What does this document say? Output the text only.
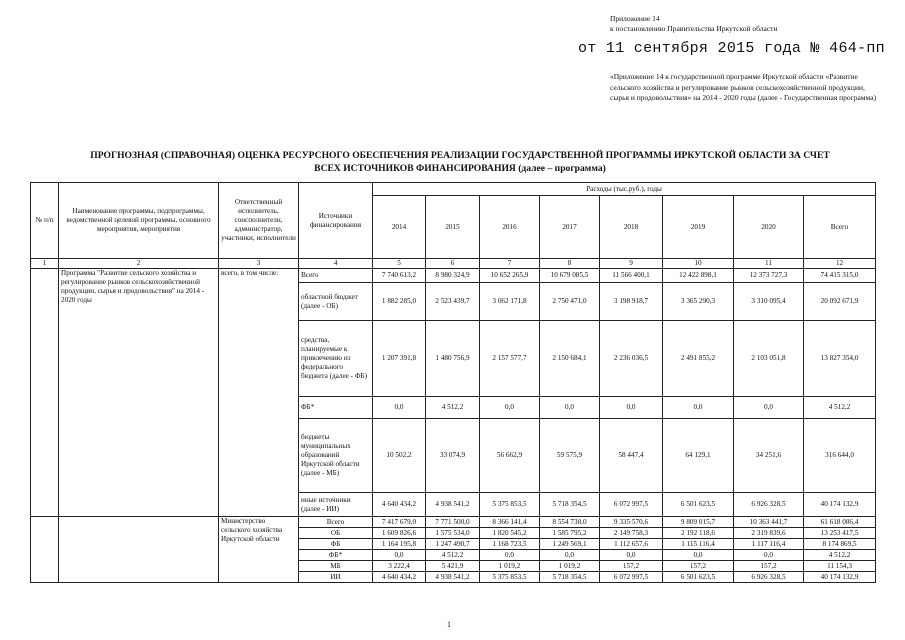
Приложение 14
к постановлению Правительства Иркутской области
от 11 сентября 2015 года № 464-пп
«Приложение 14 к государственной программе Иркутской области «Развитие сельского хозяйства и регулирование рынков сельскохозяйственной продукции, сырья и продовольствия» на 2014 - 2020 годы (далее - Государственная программа)
ПРОГНОЗНАЯ (СПРАВОЧНАЯ) ОЦЕНКА РЕСУРСНОГО ОБЕСПЕЧЕНИЯ РЕАЛИЗАЦИИ ГОСУДАРСТВЕННОЙ ПРОГРАММЫ ИРКУТСКОЙ ОБЛАСТИ ЗА СЧЕТ ВСЕХ ИСТОЧНИКОВ ФИНАНСИРОВАНИЯ (далее – программа)
№ п/п	Наименование программы, подпрограммы, ведомственной целевой программы, основного мероприятия, мероприятия	Ответственный исполнитель, соисполнители, администратор, участники, исполнители	Источники финансирования	Расходы (тыс.руб.), годы							
				2014	2015	2016	2017	2018	2019	2020	Всего
1	2	3	4	5	6	7	8	9	10	11	12
	Программа "Развитие сельского хозяйства и регулирование рынков сельскохозяйственной продукции, сырья и продовольствия" на 2014 - 2020 годы	всего, в том числе:	Всего	7 740 613,2	8 980 324,9	10 652 265,9	10 679 085,5	11 566 400,1	12 422 898,1	12 373 727,3	74 415 315,0
			областной бюджет (далее - ОБ)	1 882 285,0	2 523 439,7	3 062 171,8	2 750 471,0	3 198 918,7	3 365 290,3	3 310 095,4	20 092 671,9
			средства, планируемые к привлечению из федерального бюджета (далее - ФБ)	1 207 391,8	1 480 756,9	2 157 577,7	2 150 684,1	2 236 036,5	2 491 855,2	2 103 051,8	13 827 354,0
			ФБ*	0,0	4 512,2	0,0	0,0	0,0	0,0	0,0	4 512,2
			бюджеты муниципальных образований Иркутской области (далее - МБ)	10 502,2	33 074,9	56 662,9	59 575,9	58 447,4	64 129,1	34 251,6	316 644,0
			иные источники (далее - ИИ)	4 640 434,2	4 938 541,2	5 375 853,5	5 718 354,5	6 072 997,5	6 501 623,5	6 926 328,5	40 174 132,9
		Министерство сельского хозяйства Иркутской области	Всего	7 417 679,0	7 771 500,0	8 366 141,4	8 554 738,0	9 335 570,6	9 809 015,7	10 363 441,7	61 618 086,4
			ОБ	1 609 826,6	1 575 534,0	1 820 545,2	1 585 795,2	2 149 758,3	2 192 118,6	2 319 839,6	13 253 417,5
			ФБ	1 164 195,8	1 247 490,7	1 168 723,5	1 249 569,1	1 112 657,6	1 115 116,4	1 117 116,4	8 174 869,5
			ФБ*	0,0	4 512,2	0,0	0,0	0,0	0,0	0,0	4 512,2
			МБ	3 222,4	5 421,9	1 019,2	1 019,2	157,2	157,2	157,2	11 154,3
			ИИ	4 640 434,2	4 938 541,2	5 375 853,5	5 718 354,5	6 072 997,5	6 501 623,5	6 926 328,5	40 174 132,9
1
